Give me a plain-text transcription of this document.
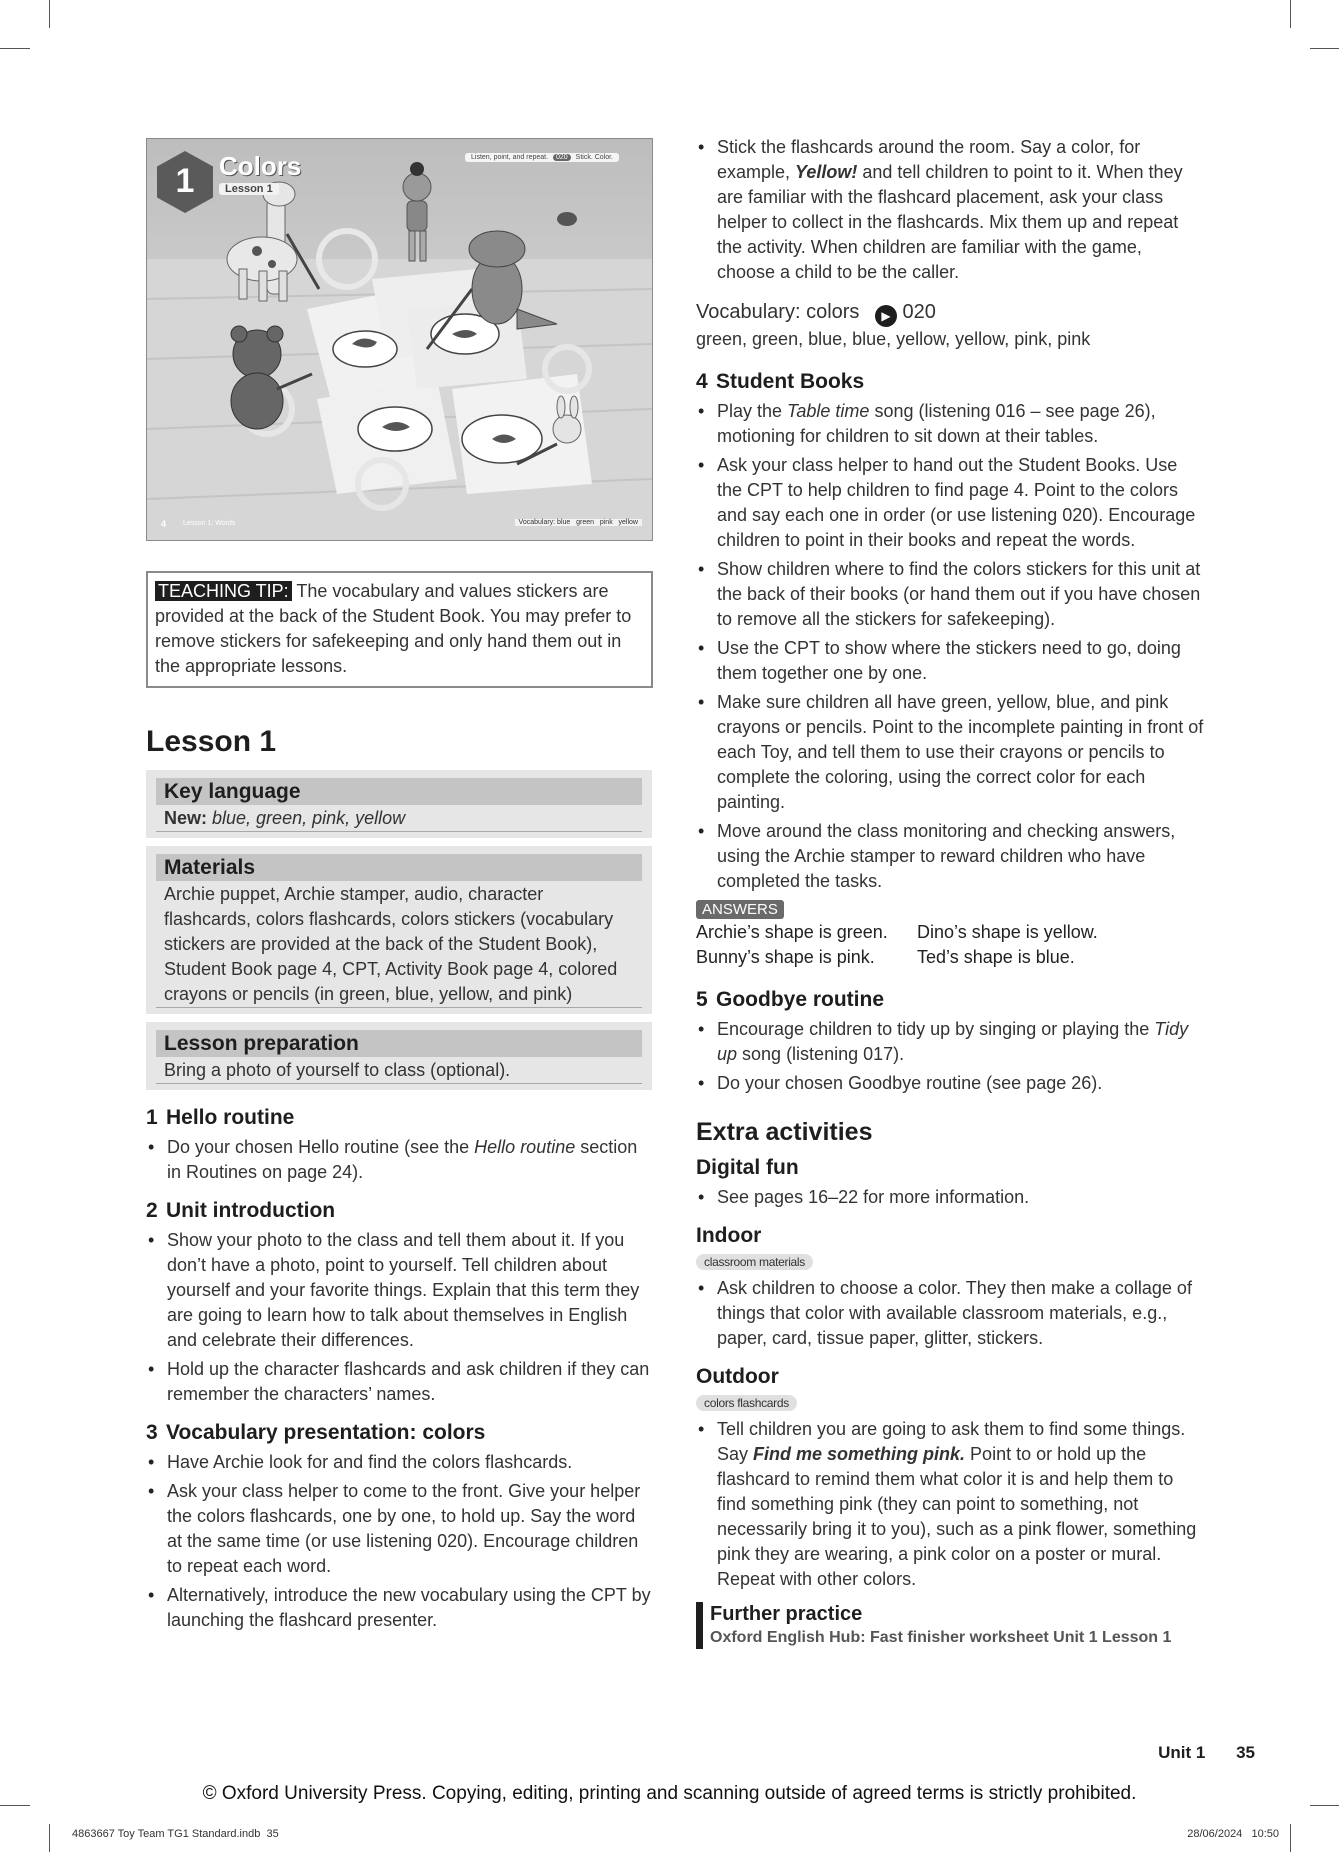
1 Colors
Lesson 1
Listen, point, and repeat. 020 Stick. Color.
4 Lesson 1: Words	Vocabulary: blue   green   pink   yellow
TEACHING TIP: The vocabulary and values stickers are provided at the back of the Student Book. You may prefer to remove stickers for safekeeping and only hand them out in the appropriate lessons.
Lesson 1
Key language
New: blue, green, pink, yellow
Materials
Archie puppet, Archie stamper, audio, character flashcards, colors flashcards, colors stickers (vocabulary stickers are provided at the back of the Student Book), Student Book page 4, CPT, Activity Book page 4, colored crayons or pencils (in green, blue, yellow, and pink)
Lesson preparation
Bring a photo of yourself to class (optional).
1 Hello routine
• Do your chosen Hello routine (see the Hello routine section in Routines on page 24).
2 Unit introduction
• Show your photo to the class and tell them about it. If you don’t have a photo, point to yourself. Tell children about yourself and your favorite things. Explain that this term they are going to learn how to talk about themselves in English and celebrate their differences.
• Hold up the character flashcards and ask children if they can remember the characters’ names.
3 Vocabulary presentation: colors
• Have Archie look for and find the colors flashcards.
• Ask your class helper to come to the front. Give your helper the colors flashcards, one by one, to hold up. Say the word at the same time (or use listening 020). Encourage children to repeat each word.
• Alternatively, introduce the new vocabulary using the CPT by launching the flashcard presenter.
• Stick the flashcards around the room. Say a color, for example, Yellow! and tell children to point to it. When they are familiar with the flashcard placement, ask your class helper to collect in the flashcards. Mix them up and repeat the activity. When children are familiar with the game, choose a child to be the caller.
Vocabulary: colors ▶ 020

green, green, blue, blue, yellow, yellow, pink, pink

4 Student Books
• Play the Table time song (listening 016 – see page 26), motioning for children to sit down at their tables.
• Ask your class helper to hand out the Student Books. Use the CPT to help children to find page 4. Point to the colors and say each one in order (or use listening 020). Encourage children to point in their books and repeat the words.
• Show children where to find the colors stickers for this unit at the back of their books (or hand them out if you have chosen to remove all the stickers for safekeeping).
• Use the CPT to show where the stickers need to go, doing them together one by one.
• Make sure children all have green, yellow, blue, and pink crayons or pencils. Point to the incomplete painting in front of each Toy, and tell them to use their crayons or pencils to complete the coloring, using the correct color for each painting.
• Move around the class monitoring and checking answers, using the Archie stamper to reward children who have completed the tasks.
ANSWERS
Archie’s shape is green.	Dino’s shape is yellow.
Bunny’s shape is pink.	Ted’s shape is blue.
5 Goodbye routine
• Encourage children to tidy up by singing or playing the Tidy up song (listening 017).
• Do your chosen Goodbye routine (see page 26).
Extra activities
Digital fun
• See pages 16–22 for more information.
Indoor
classroom materials
• Ask children to choose a color. They then make a collage of things that color with available classroom materials, e.g., paper, card, tissue paper, glitter, stickers.
Outdoor
colors flashcards
• Tell children you are going to ask them to find some things. Say Find me something pink. Point to or hold up the flashcard to remind them what color it is and help them to find something pink (they can point to something, not necessarily bring it to you), such as a pink flower, something pink they are wearing, a pink color on a poster or mural. Repeat with other colors.
Further practice
Oxford English Hub: Fast finisher worksheet Unit 1 Lesson 1
Unit 1 35
© Oxford University Press. Copying, editing, printing and scanning outside of agreed terms is strictly prohibited.
4863667 Toy Team TG1 Standard.indb  35	28/06/2024   10:50
